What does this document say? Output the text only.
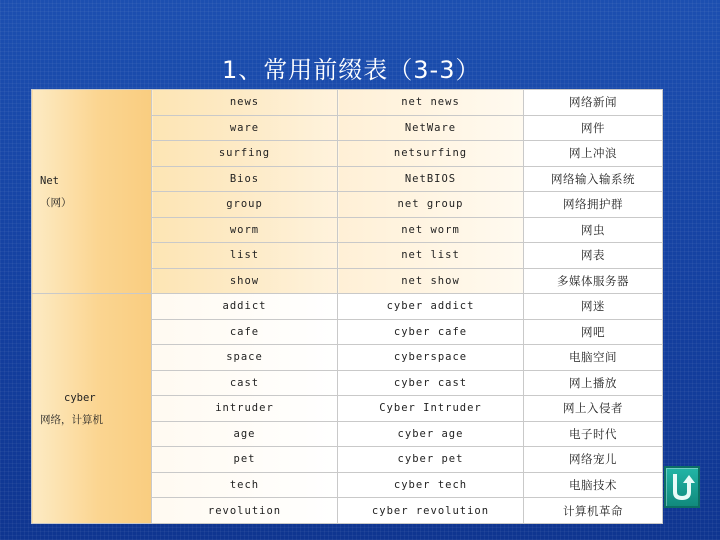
1、常用前缀表（3-3）
Net
（网）	news	net news	网络新闻
	ware	NetWare	网件
	surfing	netsurfing	网上冲浪
	Bios	NetBIOS	网络输入输系统
	group	net group	网络拥护群
	worm	net worm	网虫
	list	net list	网表
	show	net show	多媒体服务器

cyber
网络，计算机	addict	cyber addict	网迷
	cafe	cyber cafe	网吧
	space	cyberspace	电脑空间
	cast	cyber cast	网上播放
	intruder	Cyber Intruder	网上入侵者
	age	cyber age	电子时代
	pet	cyber pet	网络宠儿
	tech	cyber tech	电脑技术
	revolution	cyber revolution	计算机革命
